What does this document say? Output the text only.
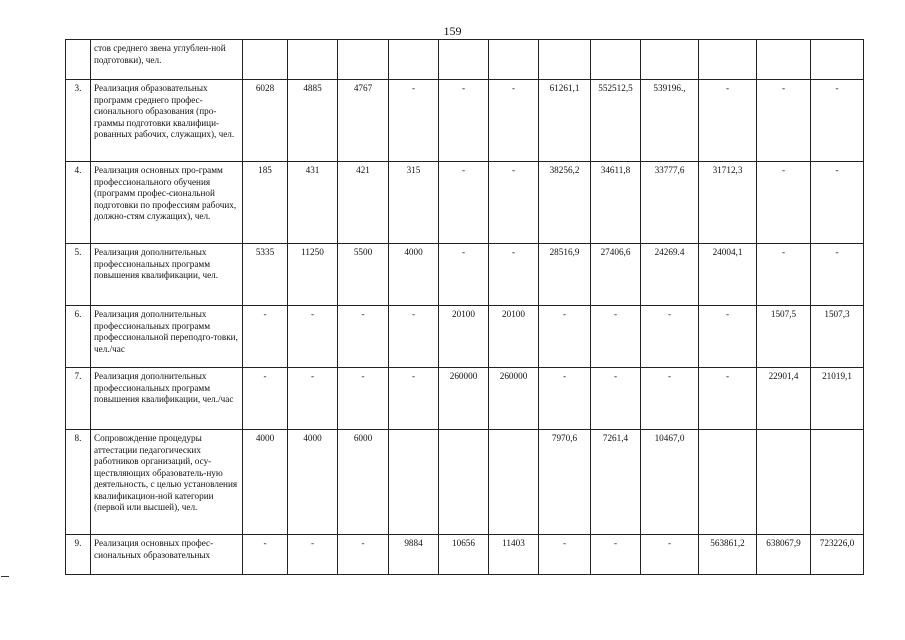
159
	стов среднего звена углублен-ной подготовки), чел.												
3.	Реализация образовательных программ среднего профес-сионального образования (про-граммы подготовки квалифици-рованных рабочих, служащих), чел.	6028	4885	4767	-	-	-	61261,1	552512,5	539196.,	-	-	-
4.	Реализация основных про-грамм профессионального обучения (программ профес-сиональной подготовки по профессиям рабочих, должно-стям служащих), чел.	185	431	421	315	-	-	38256,2	34611,8	33777,6	31712,3	-	-
5.	Реализация дополнительных профессиональных программ повышения квалификации, чел.	5335	11250	5500	4000	-	-	28516,9	27406,6	24269.4	24004,1	-	-
6.	Реализация дополнительных профессиональных программ профессиональной переподго-товки, чел./час	-	-	-	-	20100	20100	-	-	-	-	1507,5	1507,3
7.	Реализация дополнительных профессиональных программ повышения квалификации, чел./час	-	-	-	-	260000	260000	-	-	-	-	22901,4	21019,1
8.	Сопровождение процедуры аттестации педагогических работников организаций, осу-ществляющих образователь-ную деятельность, с целью установления квалификацион-ной категории (первой или высшей), чел.	4000	4000	6000				7970,6	7261,4	10467,0			
9.	Реализация основных профес-сиональных образовательных	-	-	-	9884	10656	11403	-	-	-	563861,2	638067,9	723226,0
